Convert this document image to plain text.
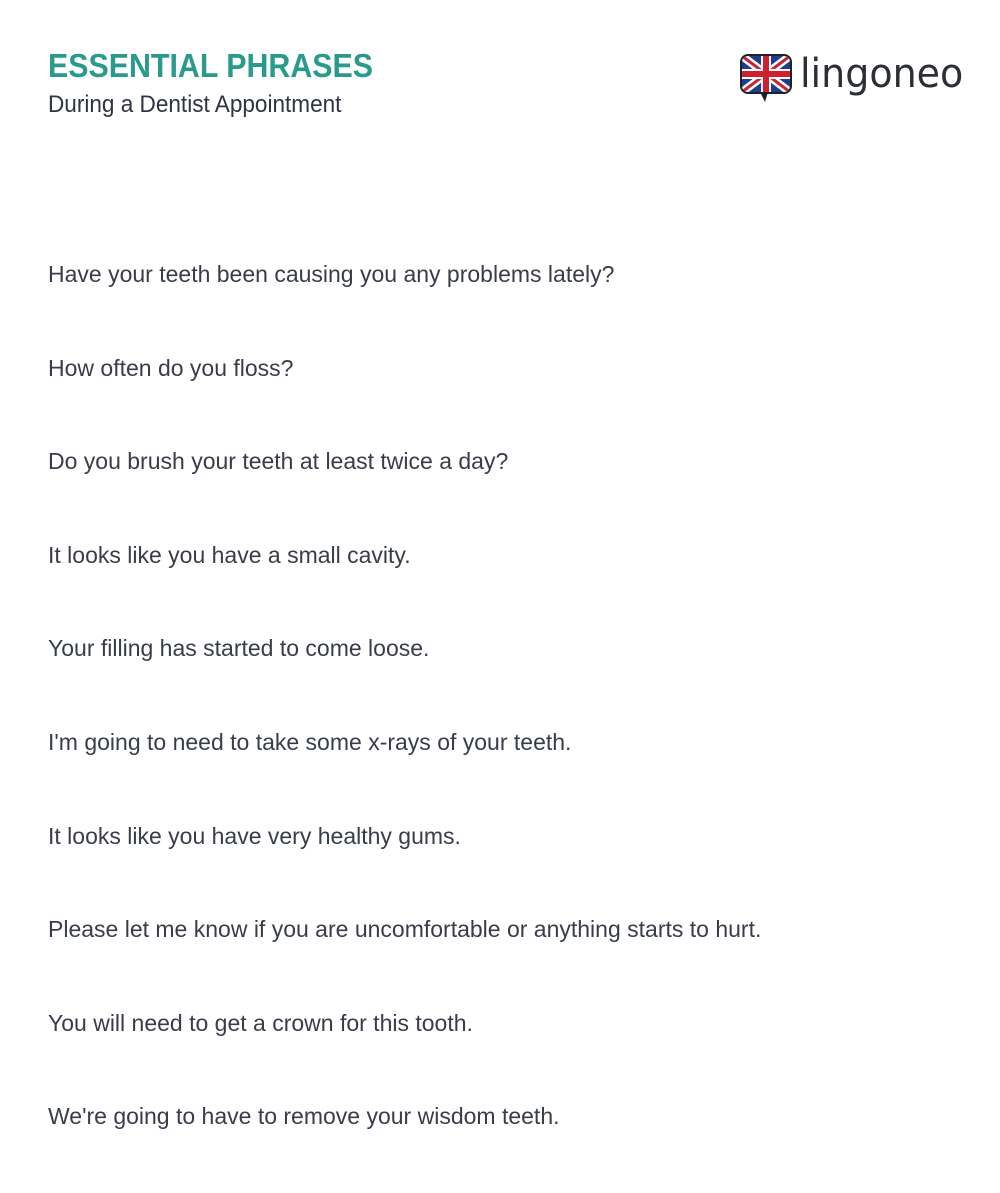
ESSENTIAL PHRASES
During a Dentist Appointment
lingoneo
Have your teeth been causing you any problems lately?
How often do you floss?
Do you brush your teeth at least twice a day?
It looks like you have a small cavity.
Your filling has started to come loose.
I'm going to need to take some x-rays of your teeth.
It looks like you have very healthy gums.
Please let me know if you are uncomfortable or anything starts to hurt.
You will need to get a crown for this tooth.
We're going to have to remove your wisdom teeth.
